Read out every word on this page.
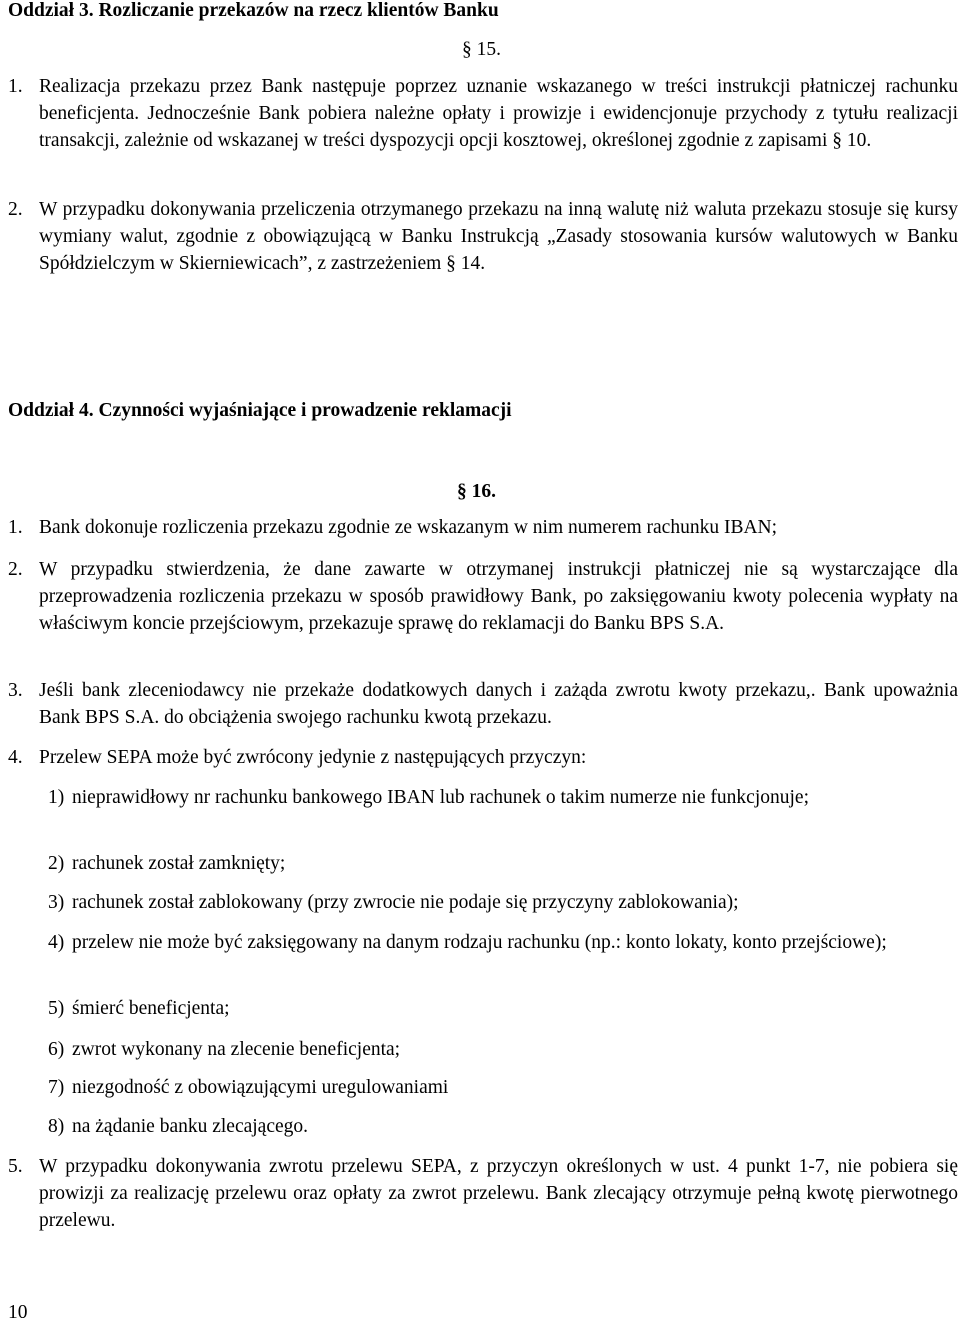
Oddział 3. Rozliczanie przekazów na rzecz klientów Banku
§ 15.
1. Realizacja przekazu przez Bank następuje poprzez uznanie wskazanego w treści instrukcji płatniczej rachunku beneficjenta. Jednocześnie Bank pobiera należne opłaty i prowizje i ewidencjonuje przychody z tytułu realizacji transakcji, zależnie od wskazanej w treści dyspozycji opcji kosztowej, określonej zgodnie z zapisami § 10.
2. W przypadku dokonywania przeliczenia otrzymanego przekazu na inną walutę niż waluta przekazu stosuje się kursy wymiany walut, zgodnie z obowiązującą w Banku Instrukcją „Zasady stosowania kursów walutowych w Banku Spółdzielczym w Skierniewicach”, z zastrzeżeniem § 14.
Oddział 4. Czynności wyjaśniające i prowadzenie reklamacji
§ 16.
1. Bank dokonuje rozliczenia przekazu zgodnie ze wskazanym w nim numerem rachunku IBAN;
2. W przypadku stwierdzenia, że dane zawarte w otrzymanej instrukcji płatniczej nie są wystarczające dla przeprowadzenia rozliczenia przekazu w sposób prawidłowy Bank, po zaksięgowaniu kwoty polecenia wypłaty na właściwym koncie przejściowym, przekazuje sprawę do reklamacji do Banku BPS S.A.
3. Jeśli bank zleceniodawcy nie przekaże dodatkowych danych i zażąda zwrotu kwoty przekazu,. Bank upoważnia Bank BPS S.A. do obciążenia swojego rachunku kwotą przekazu.
4. Przelew SEPA może być zwrócony jedynie z następujących przyczyn:
1) nieprawidłowy nr rachunku bankowego IBAN lub rachunek o takim numerze nie funkcjonuje;
2) rachunek został zamknięty;
3) rachunek został zablokowany (przy zwrocie nie podaje się przyczyny zablokowania);
4) przelew nie może być zaksięgowany na danym rodzaju rachunku (np.: konto lokaty, konto przejściowe);
5) śmierć beneficjenta;
6) zwrot wykonany na zlecenie beneficjenta;
7) niezgodność z obowiązującymi uregulowaniami
8) na żądanie banku zlecającego.
5. W przypadku dokonywania zwrotu przelewu SEPA, z przyczyn określonych w ust. 4 punkt 1-7, nie pobiera się prowizji za realizację przelewu oraz opłaty za zwrot przelewu. Bank zlecający otrzymuje pełną kwotę pierwotnego przelewu.
10
